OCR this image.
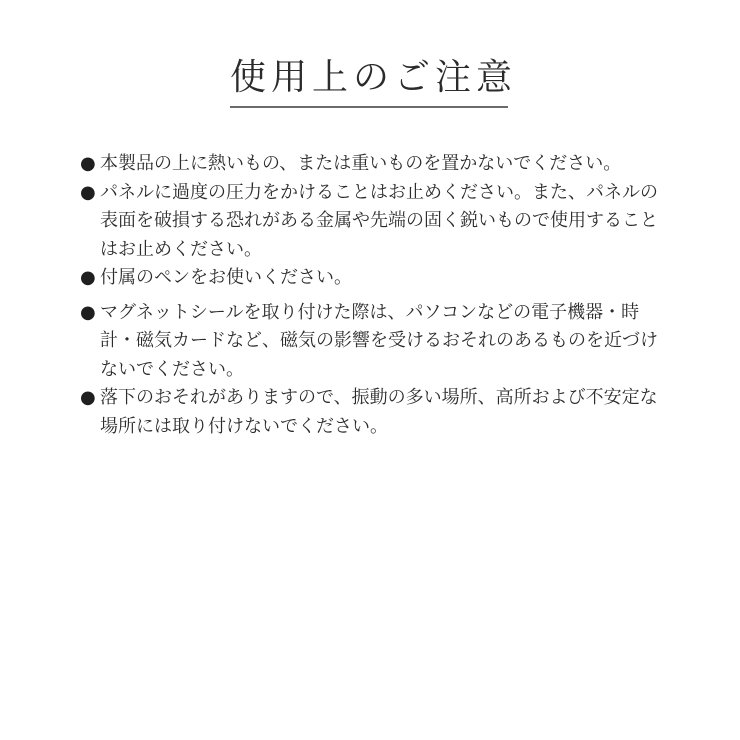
使用上のご注意
● 本製品の上に熱いもの、または重いものを置かないでください。
● パネルに過度の圧力をかけることはお止めください。また、パネルの表面を破損する恐れがある金属や先端の固く鋭いもので使用することはお止めください。
● 付属のペンをお使いください。
● マグネットシールを取り付けた際は、パソコンなどの電子機器・時計・磁気カードなど、磁気の影響を受けるおそれのあるものを近づけないでください。
● 落下のおそれがありますので、振動の多い場所、高所および不安定な場所には取り付けないでください。
